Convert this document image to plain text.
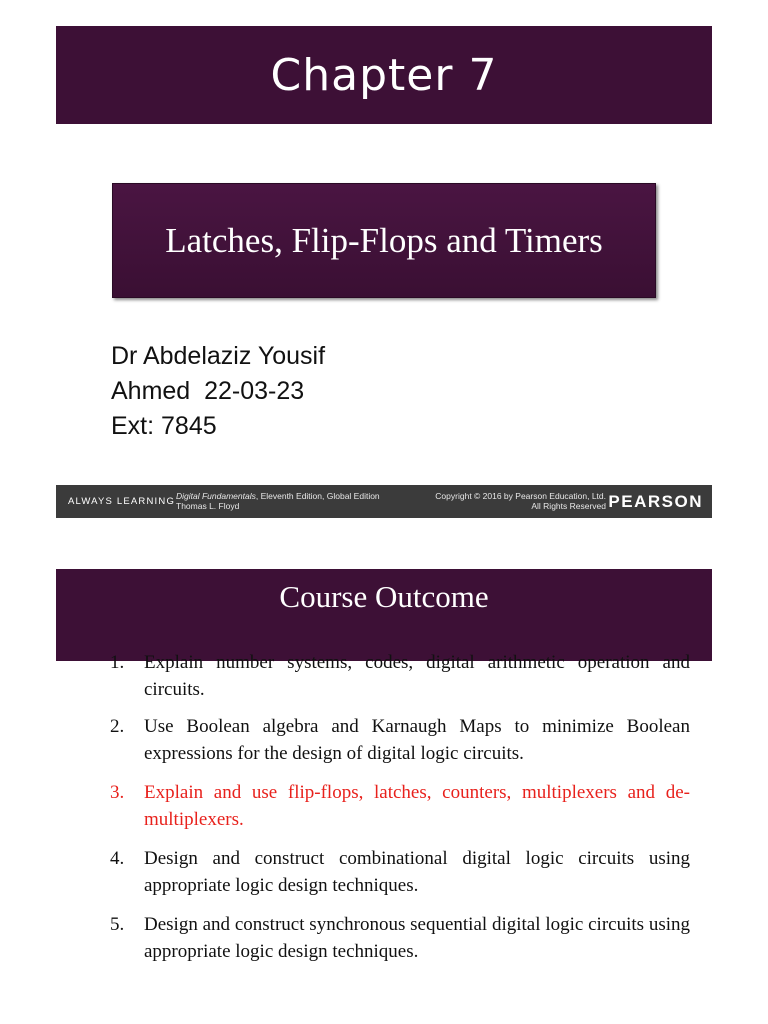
Chapter 7
Latches, Flip-Flops and Timers
Dr Abdelaziz Yousif
Ahmed  22-03-23
Ext: 7845
ALWAYS LEARNING Digital Fundamentals, Eleventh Edition, Global Edition
Thomas L. Floyd
Copyright © 2016 by Pearson Education, Ltd.
All Rights Reserved PEARSON
Course Outcome
1.	Explain number systems, codes, digital arithmetic operation and circuits.
2.	Use Boolean algebra and Karnaugh Maps to minimize Boolean expressions for the design of digital logic circuits.
3.	Explain and use flip-flops, latches, counters, multiplexers and de-multiplexers.
4.	Design and construct combinational digital logic circuits using appropriate logic design techniques.
5.	Design and construct synchronous sequential digital logic circuits using appropriate logic design techniques.
